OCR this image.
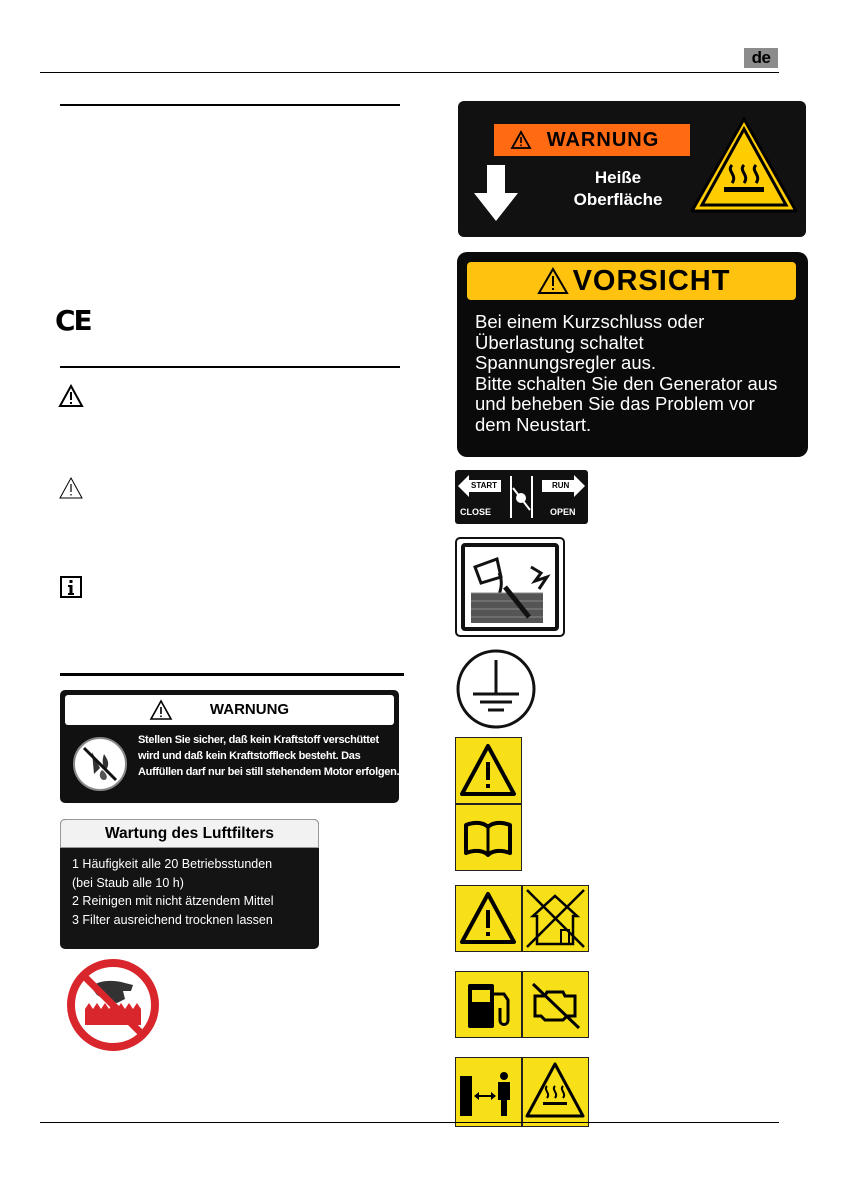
de
CE
WARNUNG
Stellen Sie sicher, daß kein Kraftstoff verschüttet wird und daß kein Kraftstoffleck besteht. Das Auffüllen darf nur bei still stehendem Motor erfolgen.
Wartung des Luftfilters
1 Häufigkeit alle 20 Betriebsstunden
(bei Staub alle 10 h)
2 Reinigen mit nicht ätzendem Mittel
3 Filter ausreichend trocknen lassen
WARNUNG
Heiße
Oberfläche
VORSICHT
Bei einem Kurzschluss oder
Überlastung schaltet
Spannungsregler aus.
Bitte schalten Sie den Generator aus
und beheben Sie das Problem vor
dem Neustart.
START
CLOSE
RUN
OPEN
